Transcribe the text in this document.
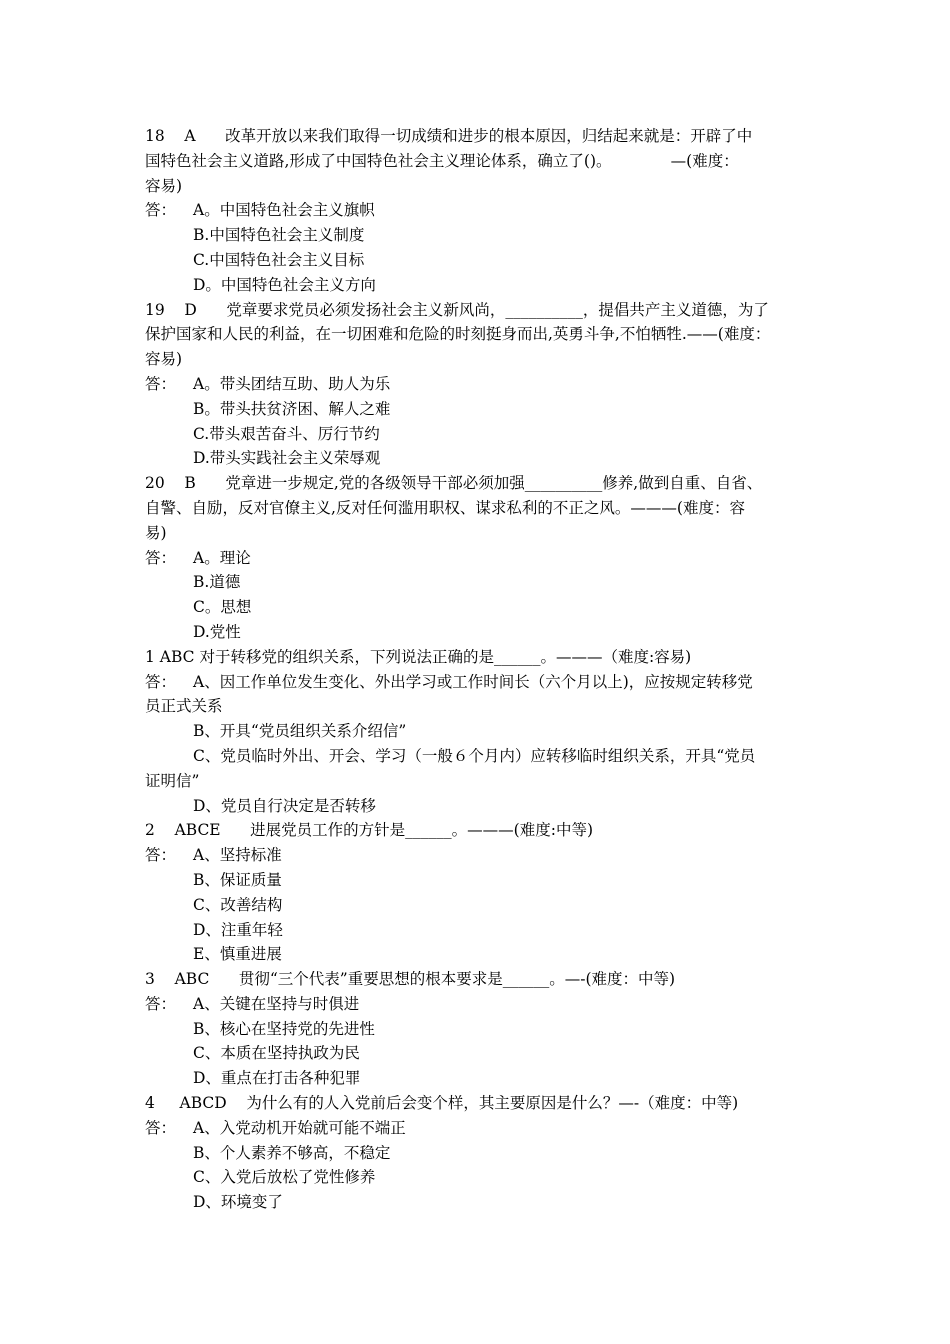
18    A      改革开放以来我们取得一切成绩和进步的根本原因，归结起来就是：开辟了中
国特色社会主义道路,形成了中国特色社会主义理论体系，确立了()。            —(难度：
容易)
答：	A。中国特色社会主义旗帜
B.中国特色社会主义制度
C.中国特色社会主义目标
D。中国特色社会主义方向
19    D      党章要求党员必须发扬社会主义新风尚，__________，提倡共产主义道德，为了
保护国家和人民的利益，在一切困难和危险的时刻挺身而出,英勇斗争,不怕牺牲.——(难度：
容易)
答：	A。带头团结互助、助人为乐
B。带头扶贫济困、解人之难
C.带头艰苦奋斗、厉行节约
D.带头实践社会主义荣辱观
20    B      党章进一步规定,党的各级领导干部必须加强__________修养,做到自重、自省、
自警、自励，反对官僚主义,反对任何滥用职权、谋求私利的不正之风。———(难度：容
易)
答：	A。理论
B.道德
C。思想
D.党性
1 ABC 对于转移党的组织关系，下列说法正确的是______。———（难度:容易)
答：	A、因工作单位发生变化、外出学习或工作时间长（六个月以上)，应按规定转移党
员正式关系
B、开具“党员组织关系介绍信”
C、党员临时外出、开会、学习（一般６个月内）应转移临时组织关系，开具“党员
证明信”
D、党员自行决定是否转移
2    ABCE      进展党员工作的方针是______。———(难度:中等)
答：	A、坚持标准
B、保证质量
C、改善结构
D、注重年轻
E、慎重进展
3    ABC      贯彻“三个代表”重要思想的根本要求是______。—-(难度：中等)
答：	A、关键在坚持与时俱进
B、核心在坚持党的先进性
C、本质在坚持执政为民
D、重点在打击各种犯罪
4     ABCD    为什么有的人入党前后会变个样，其主要原因是什么？—-（难度：中等)
答：	A、入党动机开始就可能不端正
B、个人素养不够高，不稳定
C、入党后放松了党性修养
D、环境变了
